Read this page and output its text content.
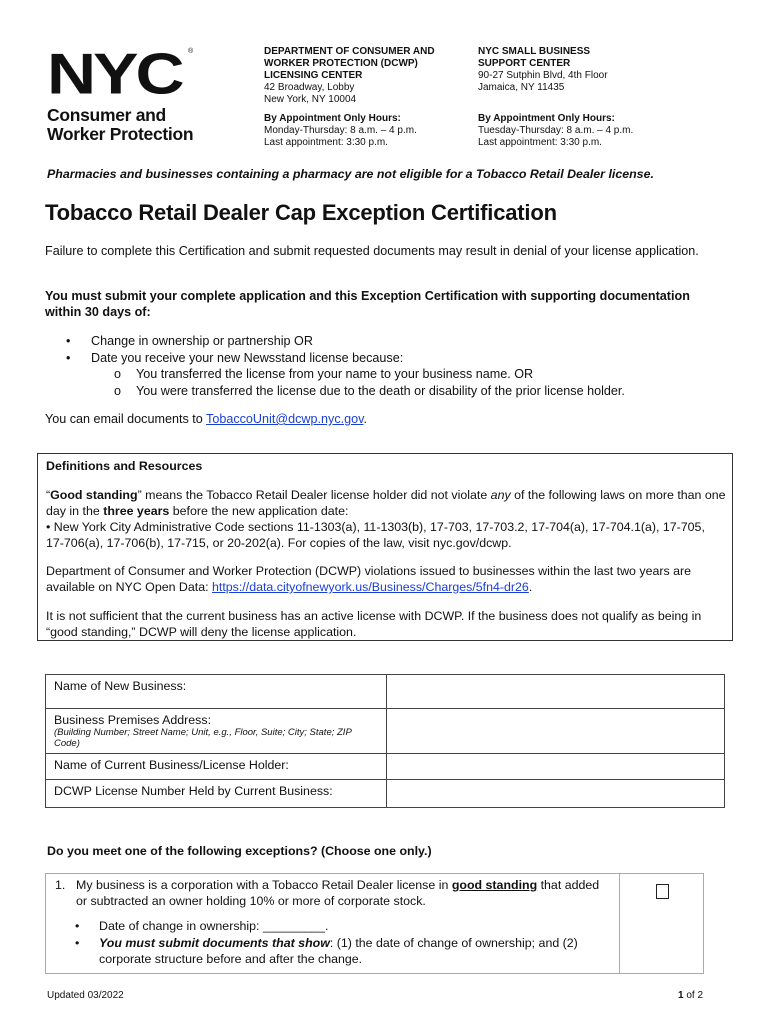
NYC ®
Consumer and
Worker Protection
DEPARTMENT OF CONSUMER AND
WORKER PROTECTION (DCWP)
LICENSING CENTER
42 Broadway, Lobby
New York, NY 10004
By Appointment Only Hours:
Monday-Thursday: 8 a.m. – 4 p.m.
Last appointment: 3:30 p.m.
NYC SMALL BUSINESS
SUPPORT CENTER
90-27 Sutphin Blvd, 4th Floor
Jamaica, NY 11435
By Appointment Only Hours:
Tuesday-Thursday: 8 a.m. – 4 p.m.
Last appointment: 3:30 p.m.
Pharmacies and businesses containing a pharmacy are not eligible for a Tobacco Retail Dealer license.
Tobacco Retail Dealer Cap Exception Certification
Failure to complete this Certification and submit requested documents may result in denial of your license application.
You must submit your complete application and this Exception Certification with supporting documentation within 30 days of:
• Change in ownership or partnership OR
• Date you receive your new Newsstand license because:
o You transferred the license from your name to your business name. OR
o You were transferred the license due to the death or disability of the prior license holder.
You can email documents to TobaccoUnit@dcwp.nyc.gov.
Definitions and Resources
“Good standing” means the Tobacco Retail Dealer license holder did not violate any of the following laws on more than one day in the three years before the new application date:
• New York City Administrative Code sections 11-1303(a), 11-1303(b), 17-703, 17-703.2, 17-704(a), 17-704.1(a), 17-705, 17-706(a), 17-706(b), 17-715, or 20-202(a). For copies of the law, visit nyc.gov/dcwp.
Department of Consumer and Worker Protection (DCWP) violations issued to businesses within the last two years are available on NYC Open Data: https://data.cityofnewyork.us/Business/Charges/5fn4-dr26.
It is not sufficient that the current business has an active license with DCWP. If the business does not qualify as being in “good standing,” DCWP will deny the license application.
Name of New Business:	

Business Premises Address:
(Building Number; Street Name; Unit, e.g., Floor, Suite; City; State; ZIP Code)	

Name of Current Business/License Holder:	
DCWP License Number Held by Current Business:	
Do you meet one of the following exceptions? (Choose one only.)
1. My business is a corporation with a Tobacco Retail Dealer license in good standing that added or subtracted an owner holding 10% or more of corporate stock.
• Date of change in ownership: _________.
• You must submit documents that show: (1) the date of change of ownership; and (2) corporate structure before and after the change.
Updated 03/2022	1 of 2
